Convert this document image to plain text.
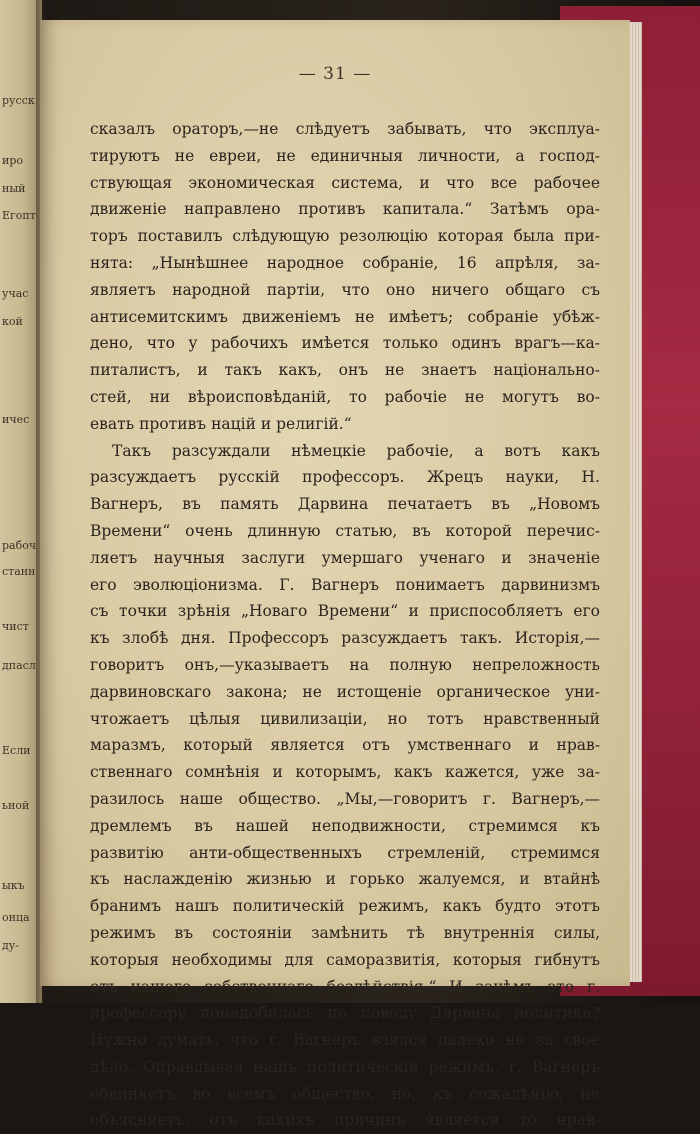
русск
иро
ный
Егопт
учас
кой
ичес
рабоч
станн
чист
дпасл
Если
ьной
ыкъ
онца
ду-
— 31 —
сказалъ ораторъ,—не слѣдуетъ забывать, что эксплуа-
тируютъ не евреи, не единичныя личности, а господ-
ствующая экономическая система, и что все рабочее
движеніе направлено противъ капитала.“ Затѣмъ орa-
торъ поставилъ слѣдующую резолюцію которая была при-
нята: „Нынѣшнее народное собраніе, 16 апрѣля, за-
являетъ народной партіи, что оно ничего общаго съ
антисемитскимъ движеніемъ не имѣетъ; собраніе убѣж-
дено, что у рабочихъ имѣется только одинъ врагъ—ка-
питалистъ, и такъ какъ, онъ не знаетъ національно-
стей, ни вѣроисповѣданій, то рабочіе не могутъ во-
евать противъ націй и религій.“
Такъ разсуждали нѣмецкіе рабочіе, а вотъ какъ
разсуждаетъ русскій профессоръ. Жрецъ науки, Н.
Вагнеръ, въ память Дарвина печатаетъ въ „Новомъ
Времени“ очень длинную статью, въ которой перечис-
ляетъ научныя заслуги умершаго ученаго и значеніе
его эволюціонизма. Г. Вагнеръ понимаетъ дарвинизмъ
съ точки зрѣнія „Новаго Времени“ и приспособляетъ его
къ злобѣ дня. Профессоръ разсуждаетъ такъ. Исторія,—
говоритъ онъ,—указываетъ на полную непреложность
дарвиновскаго закона; не истощеніе органическое уни-
чтожаетъ цѣлыя цивилизаціи, но тотъ нравственный
маразмъ, который является отъ умственнаго и нрав-
ственнаго сомнѣнія и которымъ, какъ кажется, уже за-
разилось наше общество. „Мы,—говоритъ г. Вагнеръ,—
дремлемъ въ нашей неподвижности, стремимся къ
развитію анти-общественныхъ стремленій, стремимся
къ наслажденію жизнью и горько жалуемся, и втайнѣ
бранимъ нашъ политическій режимъ, какъ будто этотъ
режимъ въ состояніи замѣнить тѣ внутреннія силы,
которыя необходимы для саморазвитія, которыя гибнутъ
отъ нашего собственнаго бездѣйствія.“ И зачѣмъ это г.
профессору понадобилась по поводу Дарвина политика?
Нужно думать, что г. Вагнеръ взялся далеко не за свое
дѣло. Оправдывая нашъ политическій режимъ, г. Вагнеръ
обвиняетъ во всемъ общество, но, къ сожалѣнію, не
объясняетъ, отъ какихъ причинъ является то нрав-
